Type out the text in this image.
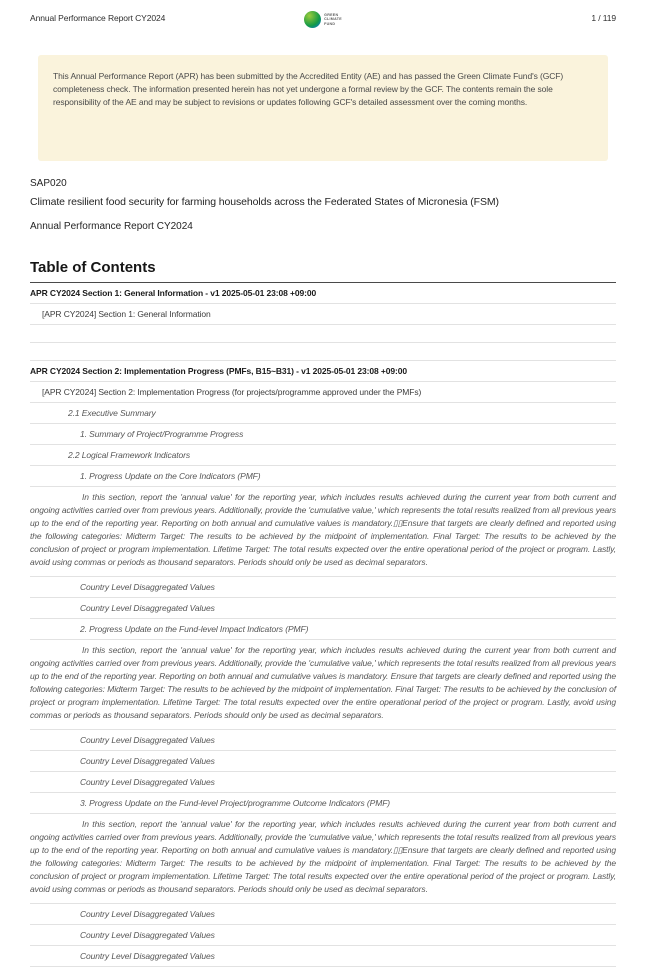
Annual Performance Report CY2024	GREEN
CLIMATE
FUND
1 / 119
This Annual Performance Report (APR) has been submitted by the Accredited Entity (AE) and has passed the Green Climate Fund's (GCF) completeness check. The information presented herein has not yet undergone a formal review by the GCF. The contents remain the sole responsibility of the AE and may be subject to revisions or updates following GCF's detailed assessment over the coming months.

SAP020

Climate resilient food security for farming households across the Federated States of Micronesia (FSM)

Annual Performance Report CY2024

Table of Contents
APR CY2024 Section 1: General Information - v1 2025-05-01 23:08 +09:00
[APR CY2024] Section 1: General Information
APR CY2024 Section 2: Implementation Progress (PMFs, B15~B31) - v1 2025-05-01 23:08 +09:00
[APR CY2024] Section 2: Implementation Progress (for projects/programme approved under the PMFs)
2.1 Executive Summary
1. Summary of Project/Programme Progress
2.2 Logical Framework Indicators
1. Progress Update on the Core Indicators (PMF)
In this section, report the 'annual value' for the reporting year, which includes results achieved during the current year from both current and ongoing activities carried over from previous years. Additionally, provide the 'cumulative value,' which represents the total results realized from all previous years up to the end of the reporting year. Reporting on both annual and cumulative values is mandatory.▯▯Ensure that targets are clearly defined and reported using the following categories: Midterm Target: The results to be achieved by the midpoint of implementation. Final Target: The results to be achieved by the conclusion of project or program implementation. Lifetime Target: The total results expected over the entire operational period of the project or program. Lastly, avoid using commas or periods as thousand separators. Periods should only be used as decimal separators.
Country Level Disaggregated Values
Country Level Disaggregated Values
2. Progress Update on the Fund-level Impact Indicators (PMF)
In this section, report the 'annual value' for the reporting year, which includes results achieved during the current year from both current and ongoing activities carried over from previous years. Additionally, provide the 'cumulative value,' which represents the total results realized from all previous years up to the end of the reporting year. Reporting on both annual and cumulative values is mandatory. Ensure that targets are clearly defined and reported using the following categories: Midterm Target: The results to be achieved by the midpoint of implementation. Final Target: The results to be achieved by the conclusion of project or program implementation. Lifetime Target: The total results expected over the entire operational period of the project or program. Lastly, avoid using commas or periods as thousand separators. Periods should only be used as decimal separators.
Country Level Disaggregated Values
Country Level Disaggregated Values
Country Level Disaggregated Values
3. Progress Update on the Fund-level Project/programme Outcome Indicators (PMF)
In this section, report the 'annual value' for the reporting year, which includes results achieved during the current year from both current and ongoing activities carried over from previous years. Additionally, provide the 'cumulative value,' which represents the total results realized from all previous years up to the end of the reporting year. Reporting on both annual and cumulative values is mandatory.▯▯Ensure that targets are clearly defined and reported using the following categories: Midterm Target: The results to be achieved by the midpoint of implementation. Final Target: The results to be achieved by the conclusion of project or program implementation. Lifetime Target: The total results expected over the entire operational period of the project or program. Lastly, avoid using commas or periods as thousand separators. Periods should only be used as decimal separators.
Country Level Disaggregated Values
Country Level Disaggregated Values
Country Level Disaggregated Values
